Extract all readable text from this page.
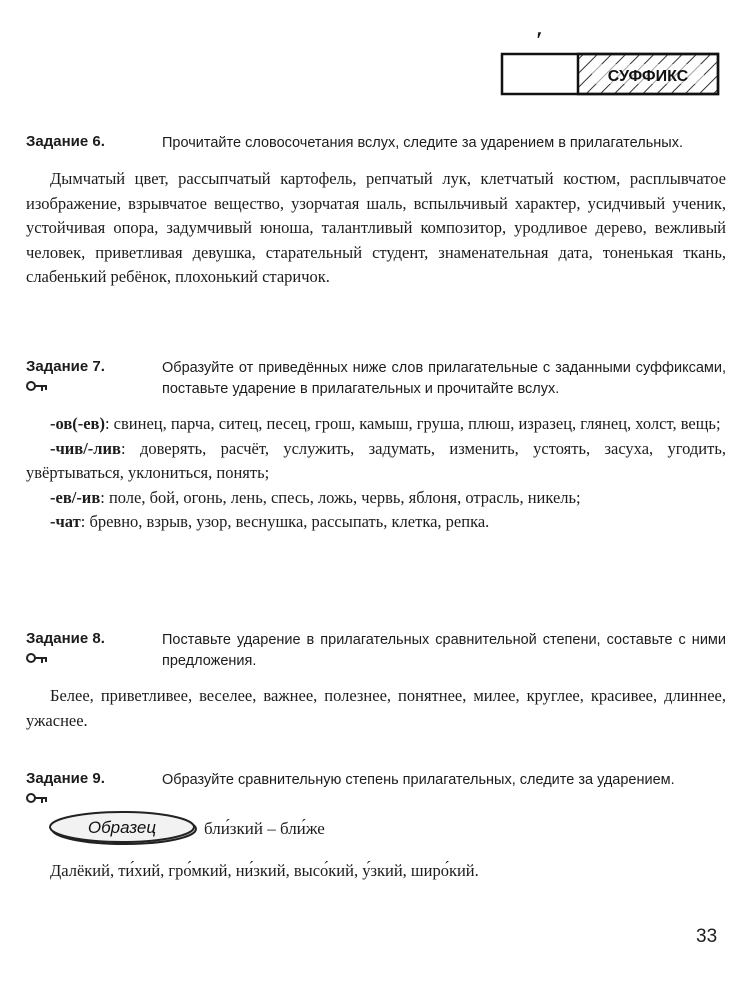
ʹ
СУФФИКС
Задание 6.	Прочитайте словосочетания вслух, следите за ударением в прилагательных.

Дымчатый цвет, рассыпчатый картофель, репчатый лук, клетчатый костюм, расплывчатое изображение, взрывчатое вещество, узорчатая шаль, вспыльчивый характер, усидчивый ученик, устойчивая опора, задумчивый юноша, талантливый композитор, уродливое дерево, вежливый человек, приветливая девушка, старательный студент, знаменательная дата, тоненькая ткань, слабенький ребёнок, плохонький старичок.

Задание 7.	Образуйте от приведённых ниже слов прилагательные с заданными суффиксами, поставьте ударение в прилагательных и прочитайте вслух.

-ов(-ев): свинец, парча, ситец, песец, грош, камыш, груша, плюш, изразец, глянец, холст, вещь;

-чив/-лив: доверять, расчёт, услужить, задумать, изменить, устоять, засуха, угодить, увёртываться, уклониться, понять;

-ев/-ив: поле, бой, огонь, лень, спесь, ложь, червь, яблоня, отрасль, никель;

-чат: бревно, взрыв, узор, веснушка, рассыпать, клетка, репка.

Задание 8.	Поставьте ударение в прилагательных сравнительной степени, составьте с ними предложения.

Белее, приветливее, веселее, важнее, полезнее, понятнее, милее, круглее, красивее, длиннее, ужаснее.

Задание 9.	Образуйте сравнительную степень прилагательных, следите за ударением.
Образец	бли́зкий – бли́же

Далёкий, ти́хий, гро́мкий, ни́зкий, высо́кий, у́зкий, широ́кий.

33
